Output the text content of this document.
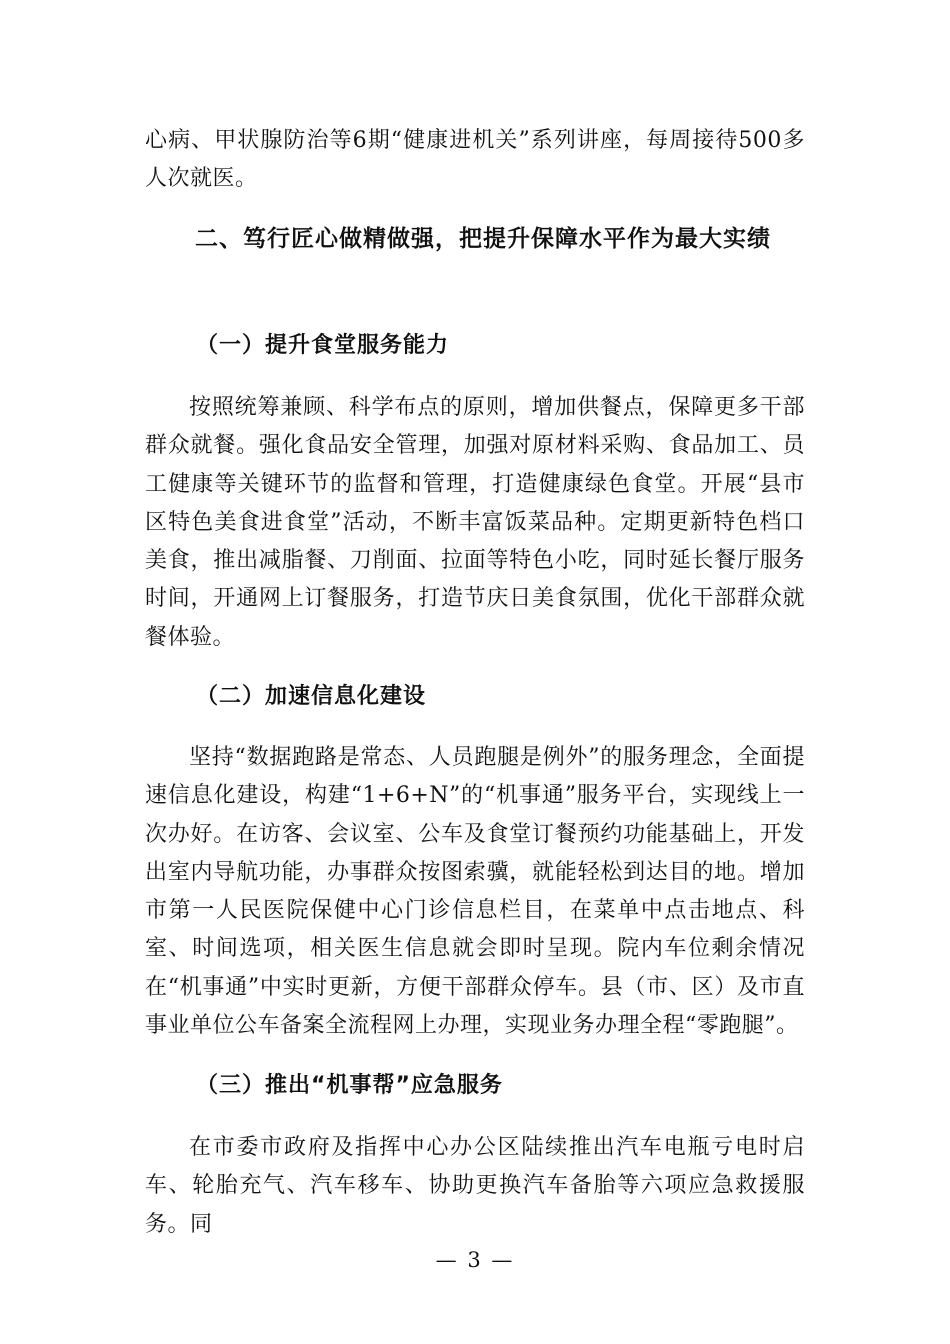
心病、甲状腺防治等6期“健康进机关”系列讲座，每周接待500多人次就医。

二、笃行匠心做精做强，把提升保障水平作为最大实绩
（一）提升食堂服务能力

按照统筹兼顾、科学布点的原则，增加供餐点，保障更多干部群众就餐。强化食品安全管理，加强对原材料采购、食品加工、员工健康等关键环节的监督和管理，打造健康绿色食堂。开展“县市区特色美食进食堂”活动，不断丰富饭菜品种。定期更新特色档口美食，推出减脂餐、刀削面、拉面等特色小吃，同时延长餐厅服务时间，开通网上订餐服务，打造节庆日美食氛围，优化干部群众就餐体验。

（二）加速信息化建设

坚持“数据跑路是常态、人员跑腿是例外”的服务理念，全面提速信息化建设，构建“1+6+N”的“机事通”服务平台，实现线上一次办好。在访客、会议室、公车及食堂订餐预约功能基础上，开发出室内导航功能，办事群众按图索骥，就能轻松到达目的地。增加市第一人民医院保健中心门诊信息栏目，在菜单中点击地点、科室、时间选项，相关医生信息就会即时呈现。院内车位剩余情况在“机事通”中实时更新，方便干部群众停车。县（市、区）及市直事业单位公车备案全流程网上办理，实现业务办理全程“零跑腿”。

（三）推出“机事帮”应急服务

在市委市政府及指挥中心办公区陆续推出汽车电瓶亏电时启车、轮胎充气、汽车移车、协助更换汽车备胎等六项应急救援服务。同

— 3 —
